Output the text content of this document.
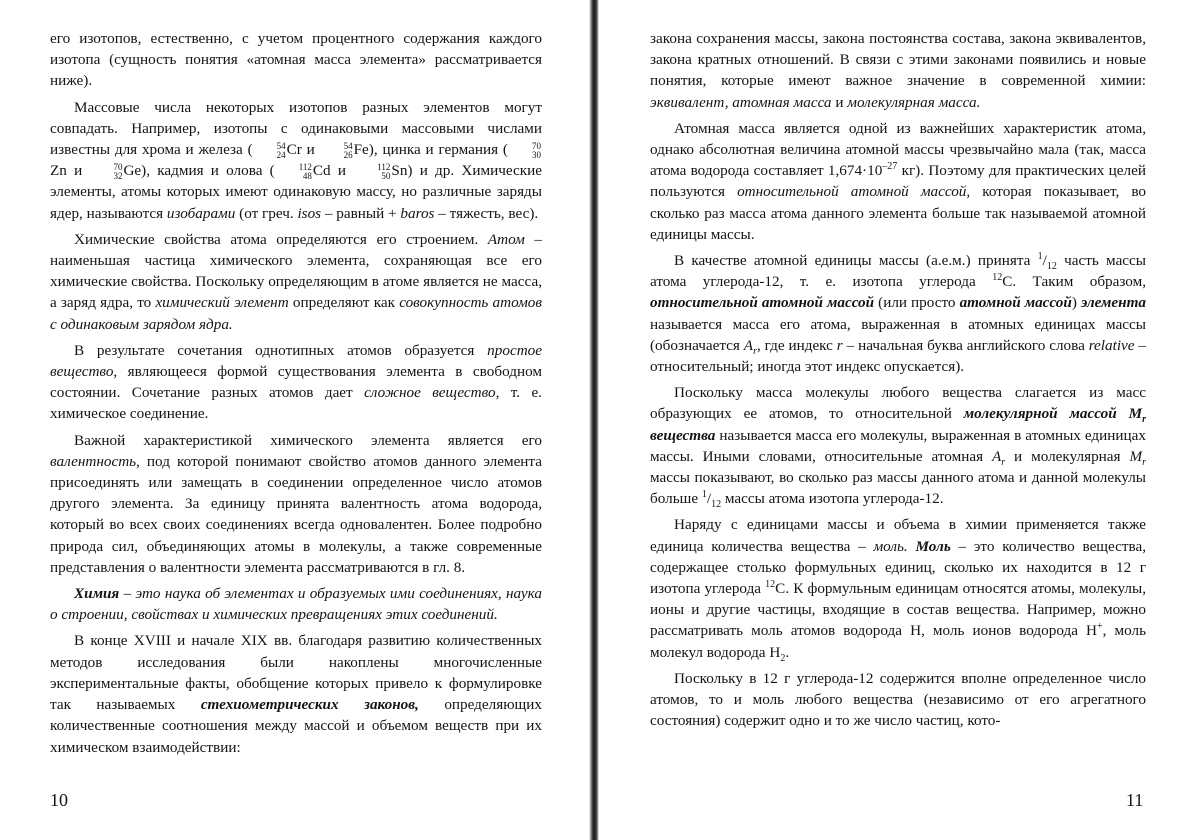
его изотопов, естественно, с учетом процентного содержания каждого изотопа (сущность понятия «атомная масса элемента» рассматривается ниже).

Массовые числа некоторых изотопов разных элементов могут совпадать. Например, изотопы с одинаковыми массовыми числами известны для хрома и железа (	54
24Cr и	54
26Fe), цинка и германия (	70
30Zn и	70
32Ge), кадмия и олова (	112
48Cd и	112
50Sn) и др. Химические элементы, атомы которых имеют одинаковую массу, но различные заряды ядер, называются изобарами (от греч. isos – равный + baros – тяжесть, вес).

Химические свойства атома определяются его строением. Атом – наименьшая частица химического элемента, сохраняющая все его химические свойства. Поскольку определяющим в атоме является не масса, а заряд ядра, то химический элемент определяют как совокупность атомов с одинаковым зарядом ядра.

В результате сочетания однотипных атомов образуется простое вещество, являющееся формой существования элемента в свободном состоянии. Сочетание разных атомов дает сложное вещество, т. е. химическое соединение.

Важной характеристикой химического элемента является его валентность, под которой понимают свойство атомов данного элемента присоединять или замещать в соединении определенное число атомов другого элемента. За единицу принята валентность атома водорода, который во всех своих соединениях всегда одновалентен. Более подробно природа сил, объединяющих атомы в молекулы, а также современные представления о валентности элемента рассматриваются в гл. 8.

Химия – это наука об элементах и образуемых ими соединениях, наука о строении, свойствах и химических превращениях этих соединений.

В конце XVIII и начале XIX вв. благодаря развитию количественных методов исследования были накоплены многочисленные экспериментальные факты, обобщение которых привело к формулировке так называемых стехиометрических законов, определяющих количественные соотношения между массой и объемом веществ при их химическом взаимодействии:

10

закона сохранения массы, закона постоянства состава, закона эквивалентов, закона кратных отношений. В связи с этими законами появились и новые понятия, которые имеют важное значение в современной химии: эквивалент, атомная масса и молекулярная масса.

Атомная масса является одной из важнейших характеристик атома, однако абсолютная величина атомной массы чрезвычайно мала (так, масса атома водорода составляет $1,674\cdot 10^{-27}$ кг). Поэтому для практических целей пользуются относительной атомной массой, которая показывает, во сколько раз масса атома данного элемента больше так называемой атомной единицы массы.

В качестве атомной единицы массы (а.е.м.) принята $^1/_{12}$ часть массы атома углерода-12, т. е. изотопа углерода $^{12}$C. Таким образом, относительной атомной массой (или просто атомной массой) элемента называется масса его атома, выраженная в атомных единицах массы (обозначается $A_r$, где индекс r – начальная буква английского слова relative – относительный; иногда этот индекс опускается).

Поскольку масса молекулы любого вещества слагается из масс образующих ее атомов, то относительной молекулярной массой $M_r$ вещества называется масса его молекулы, выраженная в атомных единицах массы. Иными словами, относительные атомная $A_r$ и молекулярная $M_r$ массы показывают, во сколько раз массы данного атома и данной молекулы больше $^1/_{12}$ массы атома изотопа углерода-12.

Наряду с единицами массы и объема в химии применяется также единица количества вещества – моль. Моль – это количество вещества, содержащее столько формульных единиц, сколько их находится в 12 г изотопа углерода $^{12}$C. К формульным единицам относятся атомы, молекулы, ионы и другие частицы, входящие в состав вещества. Например, можно рассматривать моль атомов водорода H, моль ионов водорода H+, моль молекул водорода $H_2$.

Поскольку в 12 г углерода-12 содержится вполне определенное число атомов, то и моль любого вещества (независимо от его агрегатного состояния) содержит одно и то же число частиц, кото-

11
